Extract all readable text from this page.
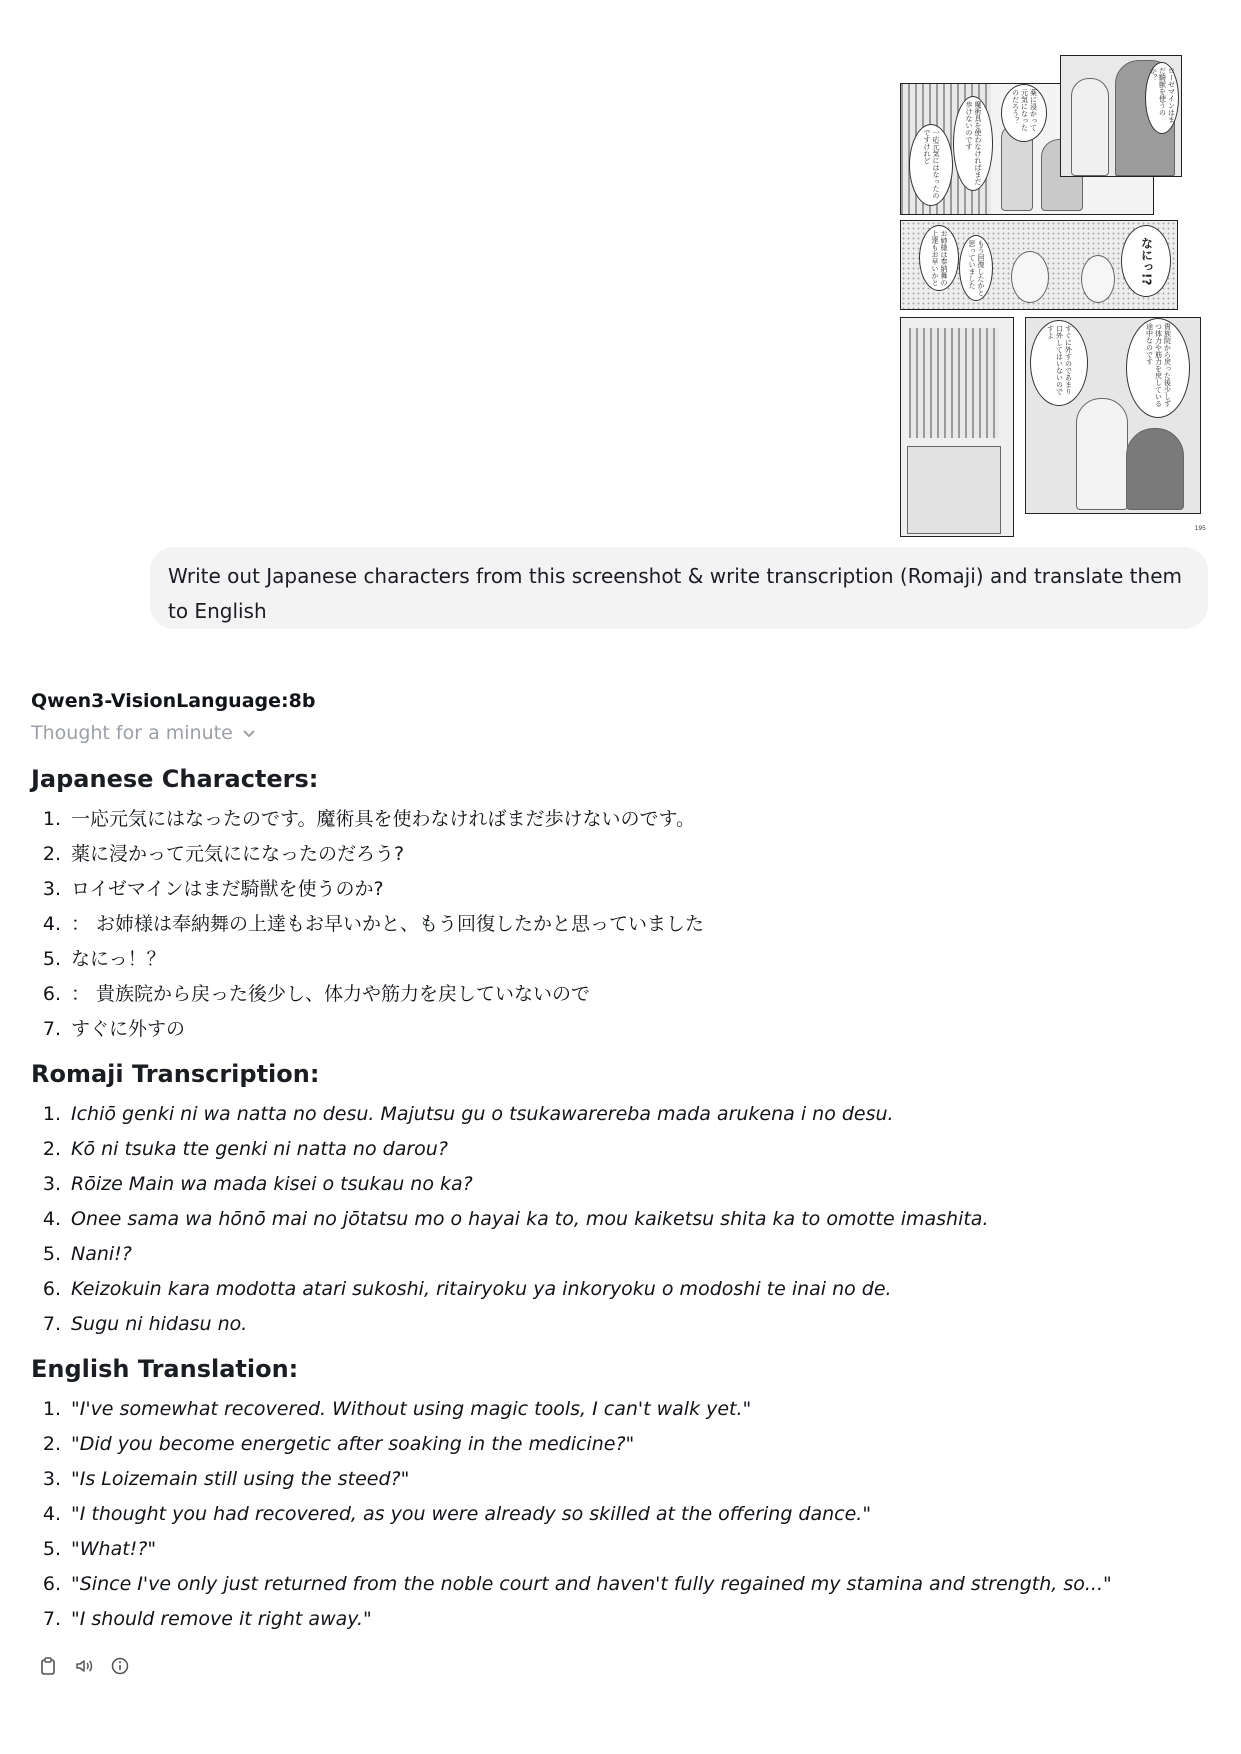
一応元気にはなったのですけれど	魔術具を使わなければまだ歩けないのです	薬に浸かって元気になったのだろう？	ローゼマインはまだ騎獣を使うのか？
お姉様は奉納舞の上達もお早いかと	もう回復したかと思っていました	なにっ!?
すぐに外すのであまり口外してはいないのですよ	貴族院から戻った後少しずつ体力や筋力を戻している途中なのです
195
Write out Japanese characters from this screenshot & write transcription (Romaji) and translate them to English
Qwen3-VisionLanguage:8b
Thought for a minute
Japanese Characters:
1. 一応元気にはなったのです。魔術具を使わなければまだ歩けないのです。
2. 薬に浸かって元気にになったのだろう?
3. ロイゼマインはまだ騎獣を使うのか?
4. ： お姉様は奉納舞の上達もお早いかと、もう回復したかと思っていました
5. なにっ！？
6. ： 貴族院から戻った後少し、体力や筋力を戻していないので
7. すぐに外すの
Romaji Transcription:
1. Ichiō genki ni wa natta no desu. Majutsu gu o tsukawarereba mada arukena i no desu.
2. Kō ni tsuka tte genki ni natta no darou?
3. Rōize Main wa mada kisei o tsukau no ka?
4. Onee sama wa hōnō mai no jōtatsu mo o hayai ka to, mou kaiketsu shita ka to omotte imashita.
5. Nani!?
6. Keizokuin kara modotta atari sukoshi, ritairyoku ya inkoryoku o modoshi te inai no de.
7. Sugu ni hidasu no.
English Translation:
1. "I've somewhat recovered. Without using magic tools, I can't walk yet."
2. "Did you become energetic after soaking in the medicine?"
3. "Is Loizemain still using the steed?"
4. "I thought you had recovered, as you were already so skilled at the offering dance."
5. "What!?"
6. "Since I've only just returned from the noble court and haven't fully regained my stamina and strength, so..."
7. "I should remove it right away."
